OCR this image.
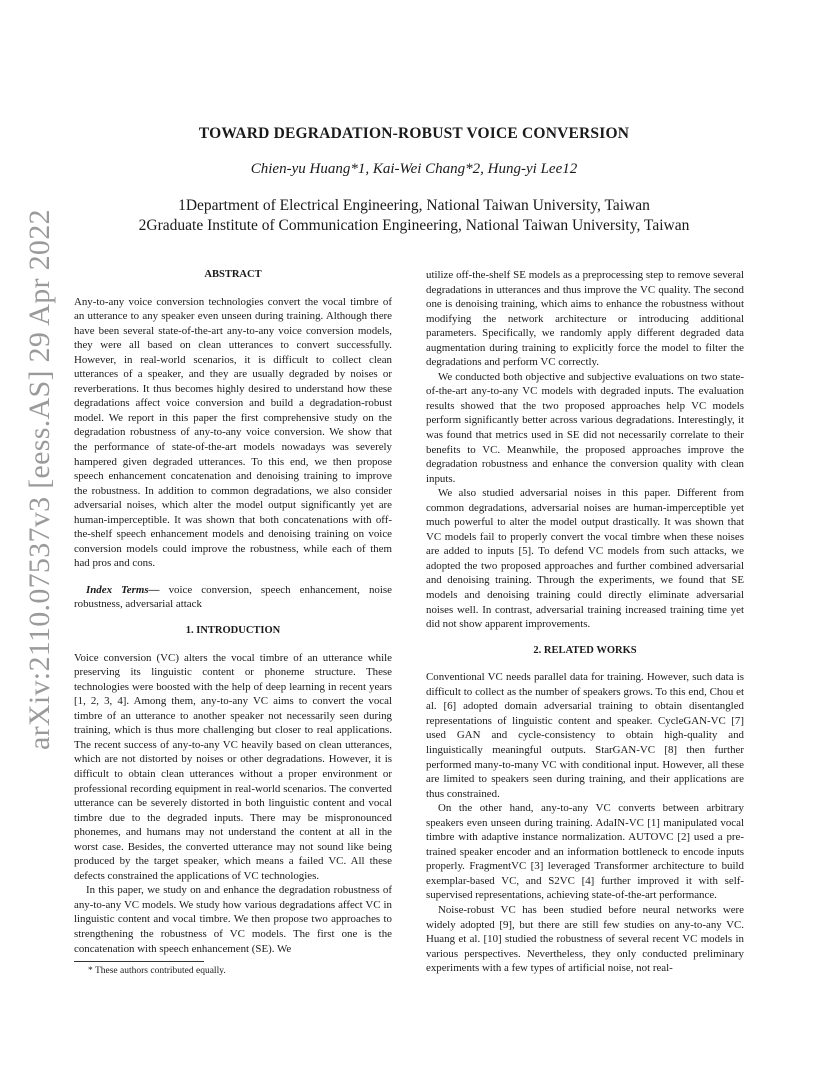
arXiv:2110.07537v3 [eess.AS] 29 Apr 2022
TOWARD DEGRADATION-ROBUST VOICE CONVERSION
Chien-yu Huang*1, Kai-Wei Chang*2, Hung-yi Lee12
1Department of Electrical Engineering, National Taiwan University, Taiwan
2Graduate Institute of Communication Engineering, National Taiwan University, Taiwan
ABSTRACT

Any-to-any voice conversion technologies convert the vocal timbre of an utterance to any speaker even unseen during training. Although there have been several state-of-the-art any-to-any voice conversion models, they were all based on clean utterances to convert successfully. However, in real-world scenarios, it is difficult to collect clean utterances of a speaker, and they are usually degraded by noises or reverberations. It thus becomes highly desired to understand how these degradations affect voice conversion and build a degradation-robust model. We report in this paper the first comprehensive study on the degradation robustness of any-to-any voice conversion. We show that the performance of state-of-the-art models nowadays was severely hampered given degraded utterances. To this end, we then propose speech enhancement concatenation and denoising training to improve the robustness. In addition to common degradations, we also consider adversarial noises, which alter the model output significantly yet are human-imperceptible. It was shown that both concatenations with off-the-shelf speech enhancement models and denoising training on voice conversion models could improve the robustness, while each of them had pros and cons.

Index Terms— voice conversion, speech enhancement, noise robustness, adversarial attack

1. INTRODUCTION

Voice conversion (VC) alters the vocal timbre of an utterance while preserving its linguistic content or phoneme structure. These technologies were boosted with the help of deep learning in recent years [1, 2, 3, 4]. Among them, any-to-any VC aims to convert the vocal timbre of an utterance to another speaker not necessarily seen during training, which is thus more challenging but closer to real applications. The recent success of any-to-any VC heavily based on clean utterances, which are not distorted by noises or other degradations. However, it is difficult to obtain clean utterances without a proper environment or professional recording equipment in real-world scenarios. The converted utterance can be severely distorted in both linguistic content and vocal timbre due to the degraded inputs. There may be mispronounced phonemes, and humans may not understand the content at all in the worst case. Besides, the converted utterance may not sound like being produced by the target speaker, which means a failed VC. All these defects constrained the applications of VC technologies.

In this paper, we study on and enhance the degradation robustness of any-to-any VC models. We study how various degradations affect VC in linguistic content and vocal timbre. We then propose two approaches to strengthening the robustness of VC models. The first one is the concatenation with speech enhancement (SE). We

* These authors contributed equally.

utilize off-the-shelf SE models as a preprocessing step to remove several degradations in utterances and thus improve the VC quality. The second one is denoising training, which aims to enhance the robustness without modifying the network architecture or introducing additional parameters. Specifically, we randomly apply different degraded data augmentation during training to explicitly force the model to filter the degradations and perform VC correctly.

We conducted both objective and subjective evaluations on two state-of-the-art any-to-any VC models with degraded inputs. The evaluation results showed that the two proposed approaches help VC models perform significantly better across various degradations. Interestingly, it was found that metrics used in SE did not necessarily correlate to their benefits to VC. Meanwhile, the proposed approaches improve the degradation robustness and enhance the conversion quality with clean inputs.

We also studied adversarial noises in this paper. Different from common degradations, adversarial noises are human-imperceptible yet much powerful to alter the model output drastically. It was shown that VC models fail to properly convert the vocal timbre when these noises are added to inputs [5]. To defend VC models from such attacks, we adopted the two proposed approaches and further combined adversarial and denoising training. Through the experiments, we found that SE models and denoising training could directly eliminate adversarial noises well. In contrast, adversarial training increased training time yet did not show apparent improvements.

2. RELATED WORKS

Conventional VC needs parallel data for training. However, such data is difficult to collect as the number of speakers grows. To this end, Chou et al. [6] adopted domain adversarial training to obtain disentangled representations of linguistic content and speaker. CycleGAN-VC [7] used GAN and cycle-consistency to obtain high-quality and linguistically meaningful outputs. StarGAN-VC [8] then further performed many-to-many VC with conditional input. However, all these are limited to speakers seen during training, and their applications are thus constrained.

On the other hand, any-to-any VC converts between arbitrary speakers even unseen during training. AdaIN-VC [1] manipulated vocal timbre with adaptive instance normalization. AUTOVC [2] used a pre-trained speaker encoder and an information bottleneck to encode inputs properly. FragmentVC [3] leveraged Transformer architecture to build exemplar-based VC, and S2VC [4] further improved it with self-supervised representations, achieving state-of-the-art performance.

Noise-robust VC has been studied before neural networks were widely adopted [9], but there are still few studies on any-to-any VC. Huang et al. [10] studied the robustness of several recent VC models in various perspectives. Nevertheless, they only conducted preliminary experiments with a few types of artificial noise, not real-
